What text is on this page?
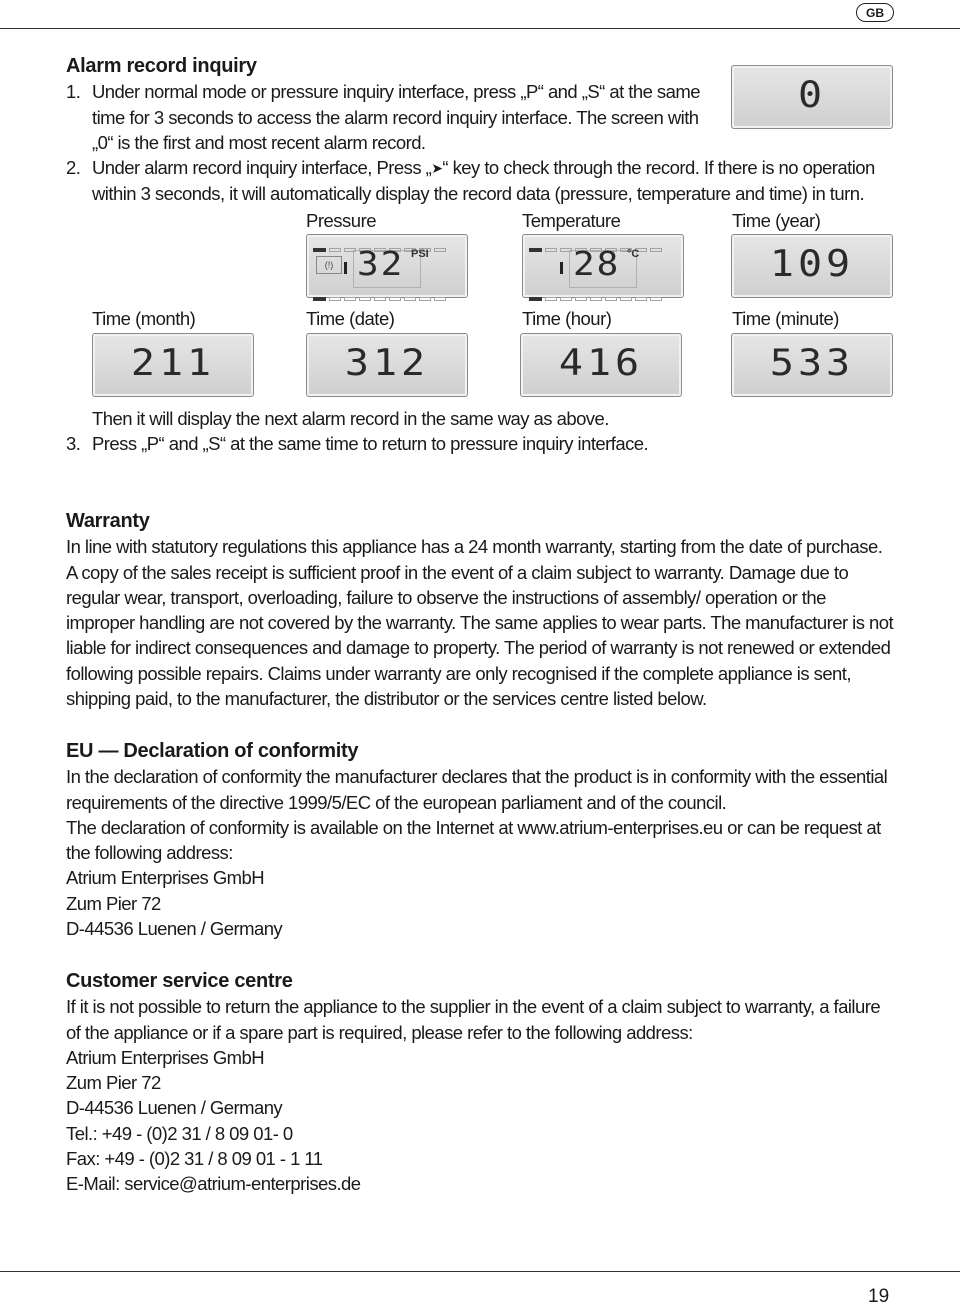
GB

Alarm record inquiry

1. Under normal mode or pressure inquiry interface, press „P“ and „S“ at the same time for 3 seconds to access the alarm record inquiry interface. The screen with „0“ is the first and most recent alarm record.

2. Under alarm record inquiry interface, Press „➤“ key to check through the record. If there is no operation within 3 seconds, it will automatically display the record data (pressure, temperature and time) in turn.

0
Pressure	Temperature	Time (year)
(!) 32 PSI	28 °C	109
Time (month)	Time (date)	Time (hour)	Time (minute)
211	312	416	533

Then it will display the next alarm record in the same way as above.

3. Press „P“ and „S“ at the same time to return to pressure inquiry interface.

Warranty

In line with statutory regulations this appliance has a 24 month warranty, starting from the date of purchase. A copy of the sales receipt is sufficient proof in the event of a claim subject to warranty. Damage due to regular wear, transport, overloading, failure to observe the instructions of assembly/ operation or the improper handling are not covered by the warranty. The same applies to wear parts. The manufacturer is not liable for indirect consequences and damage to property. The period of warranty is not renewed or extended following possible repairs. Claims under warranty are only recognised if the complete appliance is sent, shipping paid, to the manufacturer, the distributor or the services centre listed below.

EU — Declaration of conformity

In the declaration of conformity the manufacturer declares that the product is in conformity with the essential requirements of the directive 1999/5/EC of the european parliament and of the council.

The declaration of conformity is available on the Internet at www.atrium-enterprises.eu or can be request at the following address:

Atrium Enterprises GmbH

Zum Pier 72

D-44536 Luenen / Germany

Customer service centre

If it is not possible to return the appliance to the supplier in the event of a claim subject to warranty, a failure of the appliance or if a spare part is required, please refer to the following address:

Atrium Enterprises GmbH

Zum Pier 72

D-44536 Luenen / Germany

Tel.: +49 - (0)2 31 / 8 09 01- 0

Fax: +49 - (0)2 31 / 8 09 01 - 1 11

E-Mail: service@atrium-enterprises.de

19
